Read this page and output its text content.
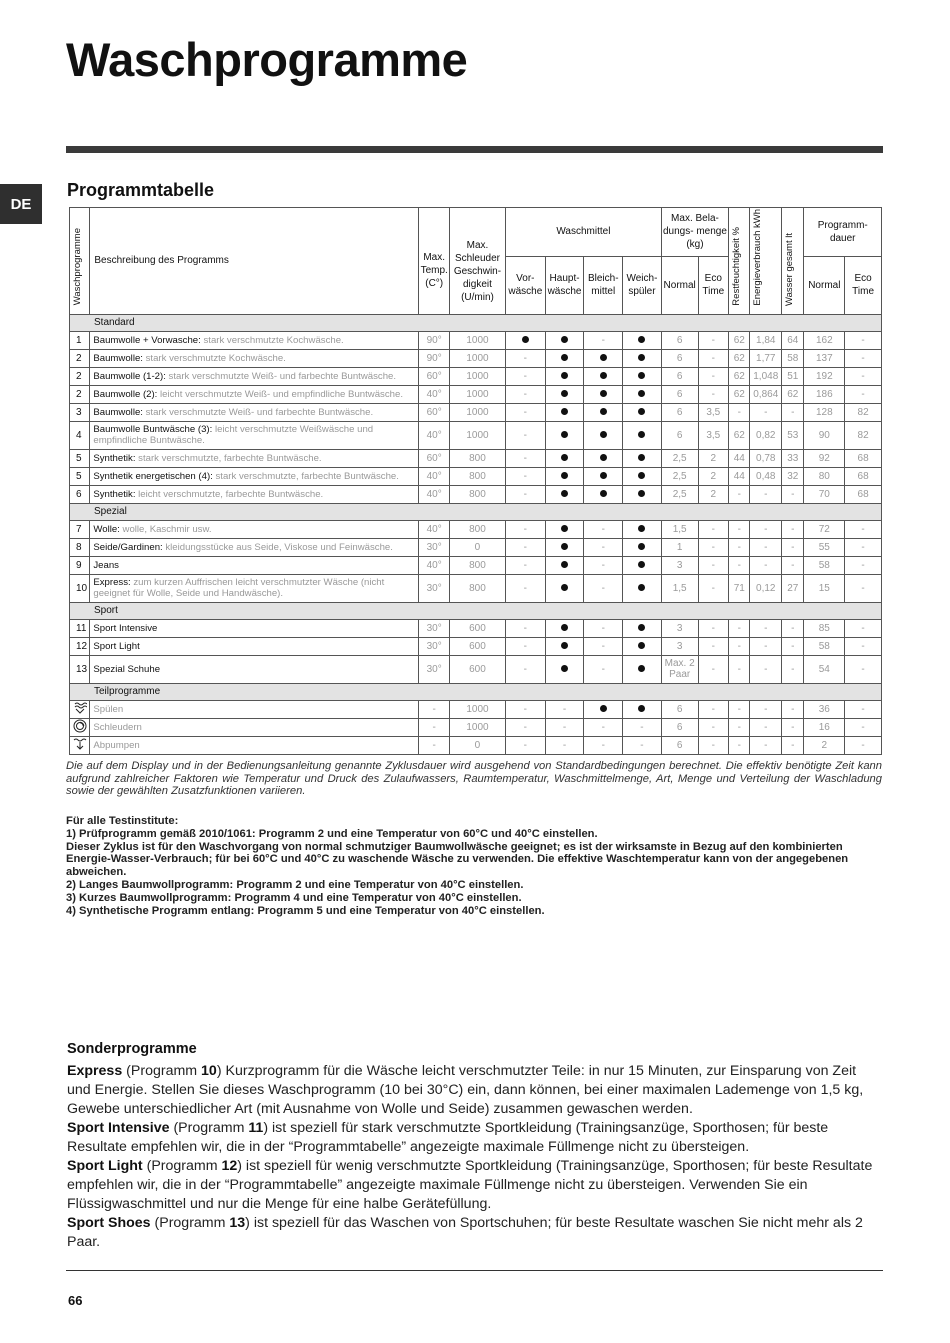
Waschprogramme
DE
Programmtabelle
Waschprogramme	Beschreibung des Programms	Max. Temp. (C°)	Max. Schleuder Geschwin- digkeit (U/min)	Waschmittel				Max. Bela- dungs- menge (kg)		Restfeuchtigkeit %	Energieverbrauch kWh	Wasser gesamt lt	Programm- dauer	
				Vor- wäsche	Haupt- wäsche	Bleich- mittel	Weich- spüler	Normal	Eco Time				Normal	Eco Time
Standard														
1	Baumwolle + Vorwasche: stark verschmutzte Kochwäsche.	90°	1000			-		6	-	62	1,84	64	162	-
2	Baumwolle: stark verschmutzte Kochwäsche.	90°	1000	-				6	-	62	1,77	58	137	-
2	Baumwolle (1-2): stark verschmutzte Weiß- und farbechte Buntwäsche.	60°	1000	-				6	-	62	1,048	51	192	-
2	Baumwolle (2): leicht verschmutzte Weiß- und empfindliche Buntwäsche.	40°	1000	-				6	-	62	0,864	62	186	-
3	Baumwolle: stark verschmutzte Weiß- und farbechte Buntwäsche.	60°	1000	-				6	3,5	-	-	-	128	82
4	Baumwolle Buntwäsche (3): leicht verschmutzte Weißwäsche und empfindliche Buntwäsche.	40°	1000	-				6	3,5	62	0,82	53	90	82
5	Synthetik: stark verschmutzte, farbechte Buntwäsche.	60°	800	-				2,5	2	44	0,78	33	92	68
5	Synthetik energetischen (4): stark verschmutzte, farbechte Buntwäsche.	40°	800	-				2,5	2	44	0,48	32	80	68
6	Synthetik: leicht verschmutzte, farbechte Buntwäsche.	40°	800	-				2,5	2	-	-	-	70	68
Spezial														
7	Wolle: wolle, Kaschmir usw.	40°	800	-		-		1,5	-	-	-	-	72	-
8	Seide/Gardinen: kleidungsstücke aus Seide, Viskose und Feinwäsche.	30°	0	-		-		1	-	-	-	-	55	-
9	Jeans	40°	800	-		-		3	-	-	-	-	58	-
10	Express: zum kurzen Auffrischen leicht verschmutzter Wäsche (nicht geeignet für Wolle, Seide und Handwäsche).	30°	800	-		-		1,5	-	71	0,12	27	15	-
Sport														
11	Sport Intensive	30°	600	-		-		3	-	-	-	-	85	-
12	Sport Light	30°	600	-		-		3	-	-	-	-	58	-
13	Spezial Schuhe	30°	600	-		-		Max. 2 Paar	-	-	-	-	54	-
Teilprogramme														
	Spülen	-	1000	-	-			6	-	-	-	-	36	-
	Schleudern	-	1000	-	-	-	-	6	-	-	-	-	16	-
	Abpumpen	-	0	-	-	-	-	6	-	-	-	-	2	-
Die auf dem Display und in der Bedienungsanleitung genannte Zyklusdauer wird ausgehend von Standardbedingungen berechnet. Die effektiv benötigte Zeit kann aufgrund zahlreicher Faktoren wie Temperatur und Druck des Zulaufwassers, Raumtemperatur, Waschmittelmenge, Art, Menge und Verteilung der Waschladung sowie der gewählten Zusatzfunktionen variieren.

Für alle Testinstitute:

1) Prüfprogramm gemäß 2010/1061: Programm 2 und eine Temperatur von 60°C und 40°C einstellen.

Dieser Zyklus ist für den Waschvorgang von normal schmutziger Baumwollwäsche geeignet; es ist der wirksamste in Bezug auf den kombinierten Energie-Wasser-Verbrauch; für bei 60°C und 40°C zu waschende Wäsche zu verwenden. Die effektive Waschtemperatur kann von der angegebenen abweichen.

2) Langes Baumwollprogramm: Programm 2 und eine Temperatur von 40°C einstellen.

3) Kurzes Baumwollprogramm: Programm 4 und eine Temperatur von 40°C einstellen.

4) Synthetische Programm entlang: Programm 5 und eine Temperatur von 40°C einstellen.

Sonderprogramme

Express (Programm 10) Kurzprogramm für die Wäsche leicht verschmutzter Teile: in nur 15 Minuten, zur Einsparung von Zeit und Energie. Stellen Sie dieses Waschprogramm (10 bei 30°C) ein, dann können, bei einer maximalen Lademenge von 1,5 kg, Gewebe unterschiedlicher Art (mit Ausnahme von Wolle und Seide) zusammen gewaschen werden.

Sport Intensive (Programm 11) ist speziell für stark verschmutzte Sportkleidung (Trainingsanzüge, Sporthosen; für beste Resultate empfehlen wir, die in der “Programmtabelle” angezeigte maximale Füllmenge nicht zu übersteigen.

Sport Light (Programm 12) ist speziell für wenig verschmutzte Sportkleidung (Trainingsanzüge, Sporthosen; für beste Resultate empfehlen wir, die in der “Programmtabelle” angezeigte maximale Füllmenge nicht zu übersteigen. Verwenden Sie ein Flüssigwaschmittel und nur die Menge für eine halbe Gerätefüllung.

Sport Shoes (Programm 13) ist speziell für das Waschen von Sportschuhen; für beste Resultate waschen Sie nicht mehr als 2 Paar.

66
